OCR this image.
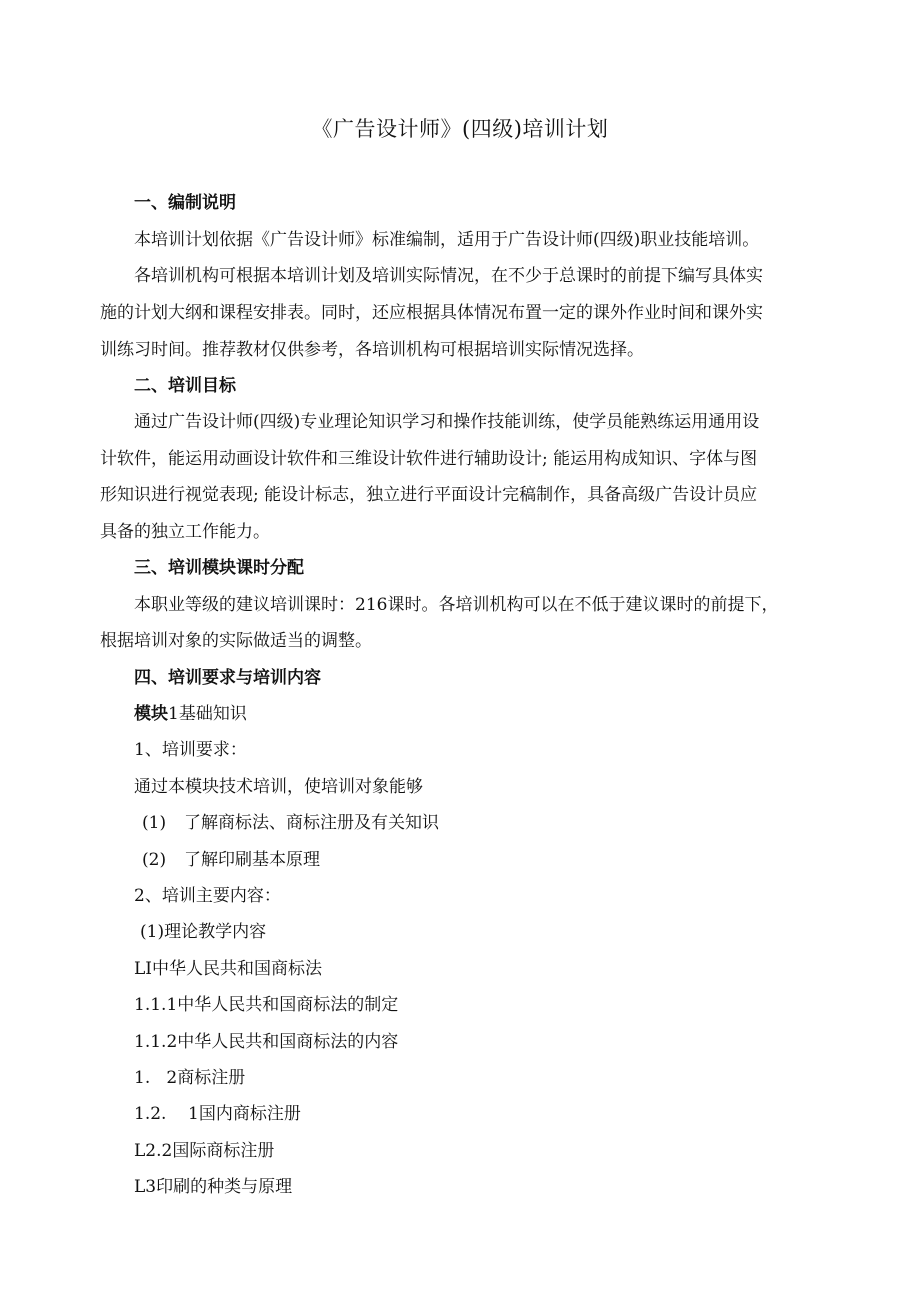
《广告设计师》(四级)培训计划
一、编制说明
本培训计划依据《广告设计师》标准编制，适用于广告设计师(四级)职业技能培训。
各培训机构可根据本培训计划及培训实际情况，在不少于总课时的前提下编写具体实
施的计划大纲和课程安排表。同时，还应根据具体情况布置一定的课外作业时间和课外实
训练习时间。推荐教材仅供参考，各培训机构可根据培训实际情况选择。
二、培训目标
通过广告设计师(四级)专业理论知识学习和操作技能训练，使学员能熟练运用通用设
计软件，能运用动画设计软件和三维设计软件进行辅助设计; 能运用构成知识、字体与图
形知识进行视觉表现; 能设计标志，独立进行平面设计完稿制作，具备高级广告设计员应
具备的独立工作能力。
三、培训模块课时分配
本职业等级的建议培训课时：216课时。各培训机构可以在不低于建议课时的前提下，
根据培训对象的实际做适当的调整。
四、培训要求与培训内容
模块1基础知识
1、培训要求：
通过本模块技术培训，使培训对象能够
(1) 了解商标法、商标注册及有关知识
(2) 了解印刷基本原理
2、培训主要内容：
(1)理论教学内容
LI中华人民共和国商标法
1.1.1中华人民共和国商标法的制定
1.1.2中华人民共和国商标法的内容
1.   2商标注册
1.2.    1国内商标注册
L2.2国际商标注册
L3印刷的种类与原理
